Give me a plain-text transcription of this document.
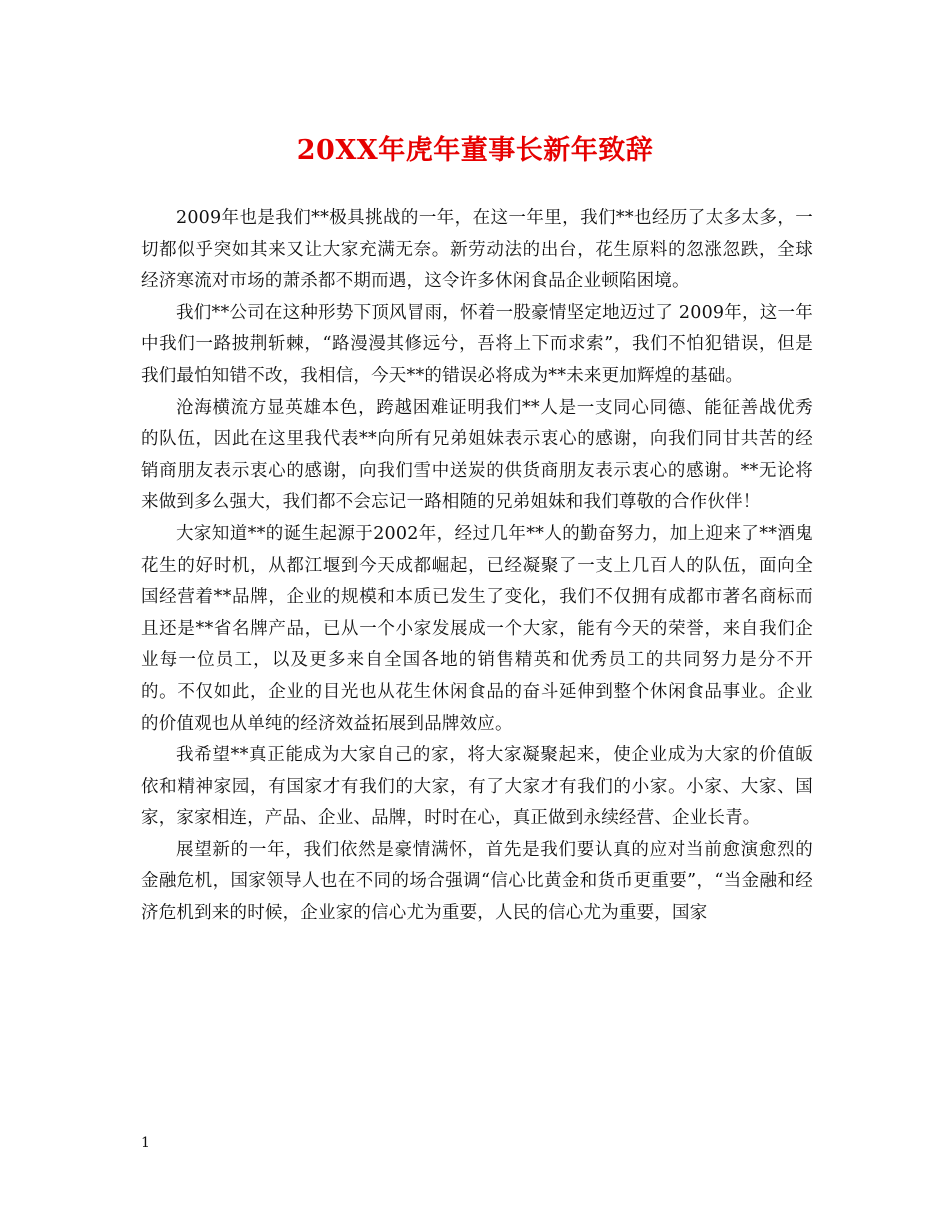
20XX年虎年董事长新年致辞

2009年也是我们**极具挑战的一年，在这一年里，我们**也经历了太多太多，一切都似乎突如其来又让大家充满无奈。新劳动法的出台，花生原料的忽涨忽跌，全球经济寒流对市场的萧杀都不期而遇，这令许多休闲食品企业顿陷困境。

我们**公司在这种形势下顶风冒雨，怀着一股豪情坚定地迈过了 2009年，这一年中我们一路披荆斩棘，“路漫漫其修远兮，吾将上下而求索”，我们不怕犯错误，但是我们最怕知错不改，我相信，今天**的错误必将成为**未来更加辉煌的基础。

沧海横流方显英雄本色，跨越困难证明我们**人是一支同心同德、能征善战优秀的队伍，因此在这里我代表**向所有兄弟姐妹表示衷心的感谢，向我们同甘共苦的经销商朋友表示衷心的感谢，向我们雪中送炭的供货商朋友表示衷心的感谢。**无论将来做到多么强大，我们都不会忘记一路相随的兄弟姐妹和我们尊敬的合作伙伴！

大家知道**的诞生起源于2002年，经过几年**人的勤奋努力，加上迎来了**酒鬼花生的好时机，从都江堰到今天成都崛起，已经凝聚了一支上几百人的队伍，面向全国经营着**品牌，企业的规模和本质已发生了变化，我们不仅拥有成都市著名商标而且还是**省名牌产品，已从一个小家发展成一个大家，能有今天的荣誉，来自我们企业每一位员工，以及更多来自全国各地的销售精英和优秀员工的共同努力是分不开的。不仅如此，企业的目光也从花生休闲食品的奋斗延伸到整个休闲食品事业。企业的价值观也从单纯的经济效益拓展到品牌效应。

我希望**真正能成为大家自己的家，将大家凝聚起来，使企业成为大家的价值皈依和精神家园，有国家才有我们的大家，有了大家才有我们的小家。小家、大家、国家，家家相连，产品、企业、品牌，时时在心，真正做到永续经营、企业长青。

展望新的一年，我们依然是豪情满怀，首先是我们要认真的应对当前愈演愈烈的金融危机，国家领导人也在不同的场合强调“信心比黄金和货币更重要”，“当金融和经济危机到来的时候，企业家的信心尤为重要，人民的信心尤为重要，国家

1
